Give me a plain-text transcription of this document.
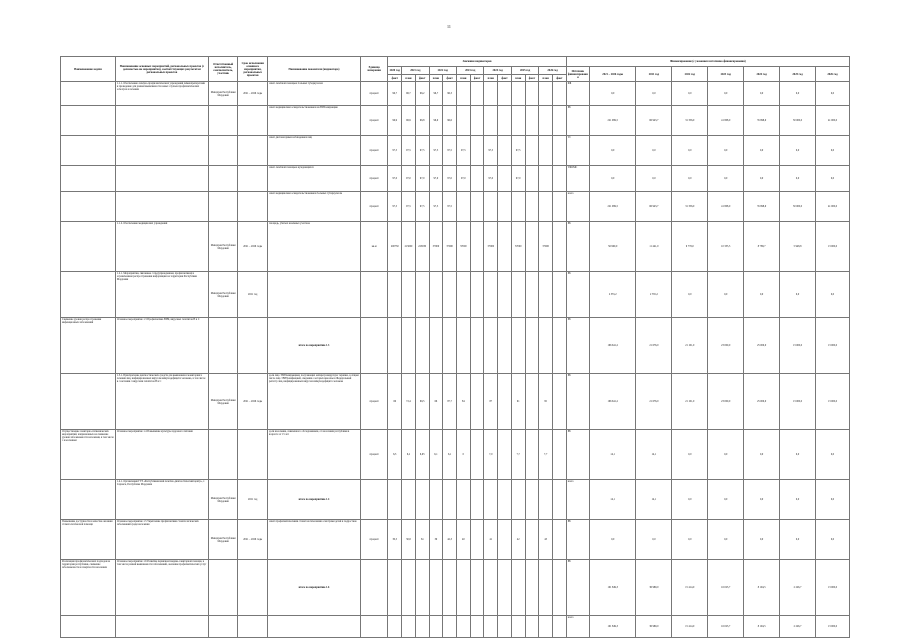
11
Наименование задачи	Наименование основных мероприятий, региональных проектов (с делимостью на мероприятия), соответствующих результатам региональных проектов	Ответственный исполнитель, соисполнитель, участник	Срок исполнения основного мероприятия, региональных проектов	Наименование показателя (индикатора)	Единица измерения	Значения индикаторов													Финансирование (с указанием источника финансирования)							
						2020 год	2021 год		2022 год		2023 год		2024 год		2025 год		2026 год		Источник финансирования	2021 – 2026 годы	2021 год	2022 год	2023 год	2024 год	2025 год	2026 год
						факт	план	факт	план	факт	план	факт	план	факт	план	факт	план	факт								
	1.1.1. Обеспечение лечебно-профилактических учреждений химиопрепаратами и проведение для ранней выявляемости новых случаев профилактических осмотров и лечения	Минздрав Республики Мордовия	2021 – 2026 годы	охват лечебной помощью больных туберкулезом	процент	96,7	96,7	96,2	96,7	96,3									ФБ	0,0	0,0	0,0	0,0	0,0	0,0	0,0
				охват медицинским освидетельствованием на ВИЧ-инфекцию	процент	96,9	96,9	96,8	96,9	96,6									РБ	221 999,5	66 943,7	31 356,0	41 808,0	35 998,9	30 000,0	41 000,0
				охват диспансерным наблюдением лиц	процент	97,5	97,5	97,5	97,5	97,5	97,5		97,5		97,5				ТС	0,0	0,0	0,0	0,0	0,0	0,0	0,0
				охват лечебной помощью нуждающихся	процент	97,0	97,0	97,0	97,0	97,0	97,0		97,0		97,0				ТФОМС	0,0	0,0	0,0	0,0	0,0	0,0	0,0
				охват медицинским освидетельствованием больных туберкулезом	процент	97,5	97,5	97,5	97,5	97,5									всего	221 999,5	66 943,7	31 356,0	41 808,0	35 998,9	30 000,0	41 000,0
	1.1.2. Обеспечение медицинских учреждений	Минздрав Республики Мордовия	2021 – 2026 годы	площадь, убитых наземных участков	кв.м	200730	213000	225930	37000	37000	37000		37000		37000		37000		РБ	56 960,0	11 441,0	9 776,0	10 335,5	8 788,7	5 948,8	13 000,0
	1.2.1. Мероприятия, связанные с предупреждением, профилактикой и ограничением распространения информации на территории Республики Мордовия	Минздрав Республики Мордовия	2021 год																РБ	2 355,2	2 355,2	0,0	0,0	0,0	0,0	0,0
Снижение уровня распространения инфекционных заболеваний	Основное мероприятие 1.3 Профилактика ВИЧ, вирусных гепатитов В и С			итого по мероприятию 1.3															РБ	166 641,2	21 676,0	21 101,0	23 000,0	25 000,0	13 000,0	13 000,0
	1.3.1. Приобретение диагностических средств для выявления и мониторинга лечения лиц, инфицированных вирусом иммунодефицита человека, в том числе в сочетании с вирусами гепатитов В и С	Минздрав Республики Мордовия	2021 – 2026 годы	доля лиц с ВИЧ-инфекцией, получающих антиретровирусную терапию, в общем числе лиц с ВИЧ-инфекцией, сведения о которых внесены в Федеральный регистр лиц, инфицированных вирусом иммунодефицита человека	процент	66	72,4	69,5	66	87,7	84		87		91		95		РБ	166 641,2	21 676,0	21 101,0	23 000,0	25 000,0	13 000,0	13 000,0
Осуществление санитарно-гигиенических мероприятий, направленных на снижение уровня заболеваемости населения, в том числе с населением	Основное мероприятие 1.4 Повышение культуры здорового питания			доля населения, охваченного обследованием, от населения республики в возрасте от 15 лет	процент	6,3	6,2	6,93	6,1	6,1	0		7,0		7,7		7,7		РБ	14,1	14,1	0,0	0,0	0,0	0,0	0,0
	1.4.1. Организация ГУЗ «Республиканский лечебно-диагностический центр», г. Саранск, Республика Мордовия	Минздрав Республики Мордовия	2021 год	итого по мероприятию 1.4															всего	14,1	14,1	0,0	0,0	0,0	0,0	0,0
Повышение доступности и качества оказания стоматологической помощи	Основное мероприятие 1.5 Укрепление профилактики стоматологических заболеваний среди населения	Минздрав Республики Мордовия	2021 – 2026 годы	охват профилактическими стоматологическими осмотрами детей и подростков	процент	30,5	30,8	34	39	42,3	40		41		42		43		РБ	0,0	0,0	0,0	0,0	0,0	0,0	0,0
Реализация профилактических подходов на территории республики, снижение заболеваемости и смертности населения	Основное мероприятие 1.6 Развитие первичной медико-санитарной помощи, в том числе ранней выявляемости заболеваний, оказание профилактических услуг			итого по мероприятию 1.6															РБ	101 849,3	36 989,0	15 414,0	16 023,7	8 194,5	2 226,7	13 000,0
																			всего	101 849,3	36 989,0	15 414,0	16 023,7	8 194,5	2 226,7	13 000,0
